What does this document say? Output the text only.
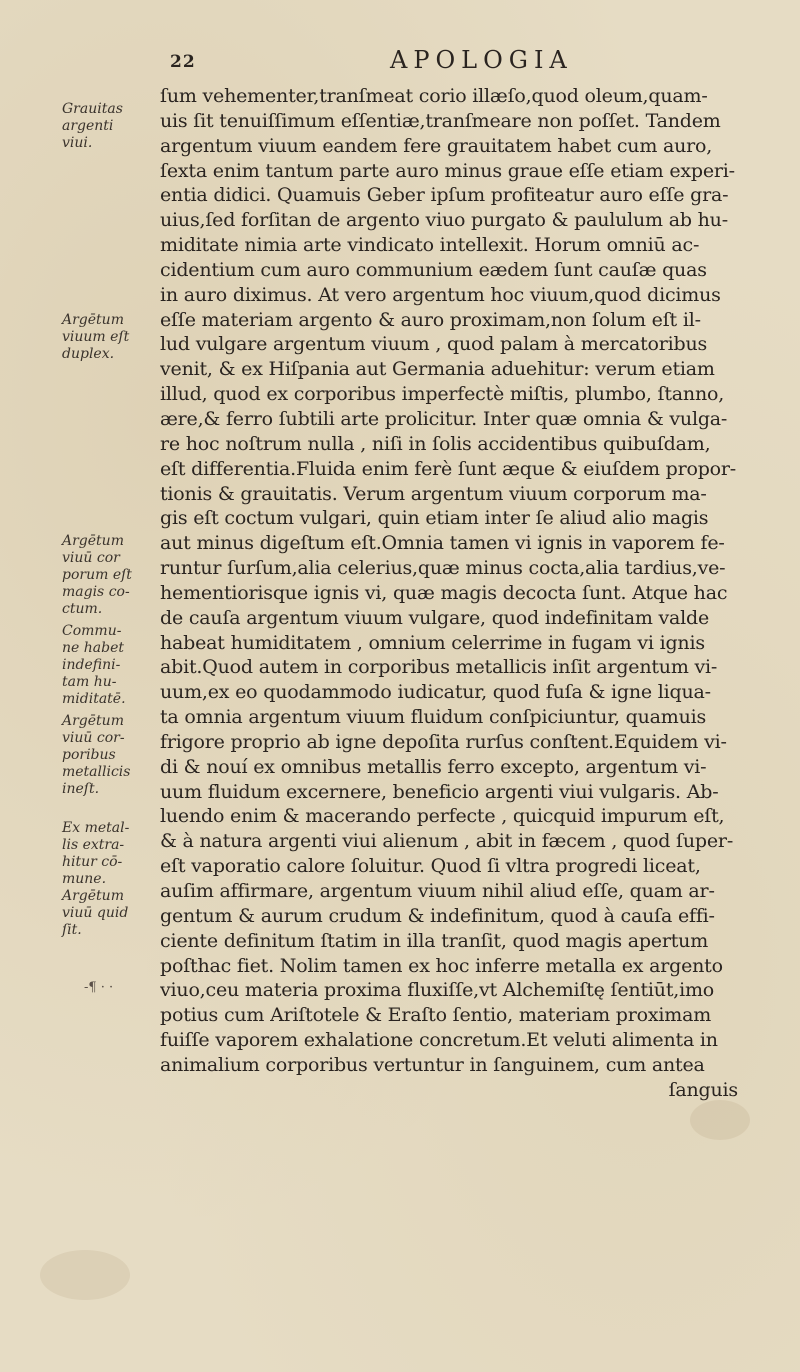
22	APOLOGIA
Grauitas
argenti
viui.
Argētum
viuum eſt
duplex.
Argētum
viuū cor
porum eſt
magis co-
ctum.
Commu-
ne habet
indefini-
tam hu-
miditatē.
Argētum
viuū cor-
poribus
metallicis
ineſt.
Ex metal-
lis extra-
hitur cō-
mune.
Argētum
viuū quid
ſit.
-¶ · ·
ſum vehementer,tranſmeat corio illæſo,quod oleum,quam-
uis ſit tenuiſſimum eſſentiæ,tranſmeare non poſſet. Tandem
argentum viuum eandem fere grauitatem habet cum auro,
ſexta enim tantum parte auro minus graue eſſe etiam experi-
entia didici. Quamuis Geber ipſum profiteatur auro eſſe gra-
uius,ſed forſitan de argento viuo purgato & paululum ab hu-
miditate nimia arte vindicato intellexit. Horum omniū ac-
cidentium cum auro communium eædem ſunt cauſæ quas
in auro diximus. At vero argentum hoc viuum,quod dicimus
eſſe materiam argento & auro proximam,non ſolum eſt il-
lud vulgare argentum viuum , quod palam à mercatoribus
venit, & ex Hiſpania aut Germania aduehitur: verum etiam
illud, quod ex corporibus imperfectè miſtis, plumbo, ſtanno,
ære,& ferro ſubtili arte prolicitur. Inter quæ omnia & vulga-
re hoc noſtrum nulla , niſi in ſolis accidentibus quibuſdam,
eſt differentia.Fluida enim ferè ſunt æque & eiuſdem propor-
tionis & grauitatis. Verum argentum viuum corporum ma-
gis eſt coctum vulgari, quin etiam inter ſe aliud alio magis
aut minus digeſtum eſt.Omnia tamen vi ignis in vaporem fe-
runtur ſurſum,alia celerius,quæ minus cocta,alia tardius,ve-
hementiorisque ignis vi, quæ magis decocta ſunt. Atque hac
de cauſa argentum viuum vulgare, quod indefinitam valde
habeat humiditatem , omnium celerrime in fugam vi ignis
abit.Quod autem in corporibus metallicis inſit argentum vi-
uum,ex eo quodammodo iudicatur, quod fuſa & igne liqua-
ta omnia argentum viuum fluidum conſpiciuntur, quamuis
frigore proprio ab igne depoſita rurſus conſtent.Equidem vi-
di & nouí ex omnibus metallis ferro excepto, argentum vi-
uum fluidum excernere, beneficio argenti viui vulgaris. Ab-
luendo enim & macerando perfecte , quicquid impurum eſt,
& à natura argenti viui alienum , abit in fæcem , quod ſuper-
eſt vaporatio calore ſoluitur. Quod ſi vltra progredi liceat,
auſim affirmare, argentum viuum nihil aliud eſſe, quam ar-
gentum & aurum crudum & indefinitum, quod à cauſa effi-
ciente definitum ſtatim in illa tranſit, quod magis apertum
poſthac fiet. Nolim tamen ex hoc inferre metalla ex argento
viuo,ceu materia proxima fluxiſſe,vt Alchemiſtę ſentiūt,imo
potius cum Ariſtotele & Eraſto ſentio, materiam proximam
fuiſſe vaporem exhalatione concretum.Et veluti alimenta in
animalium corporibus vertuntur in ſanguinem, cum antea
ſanguis
